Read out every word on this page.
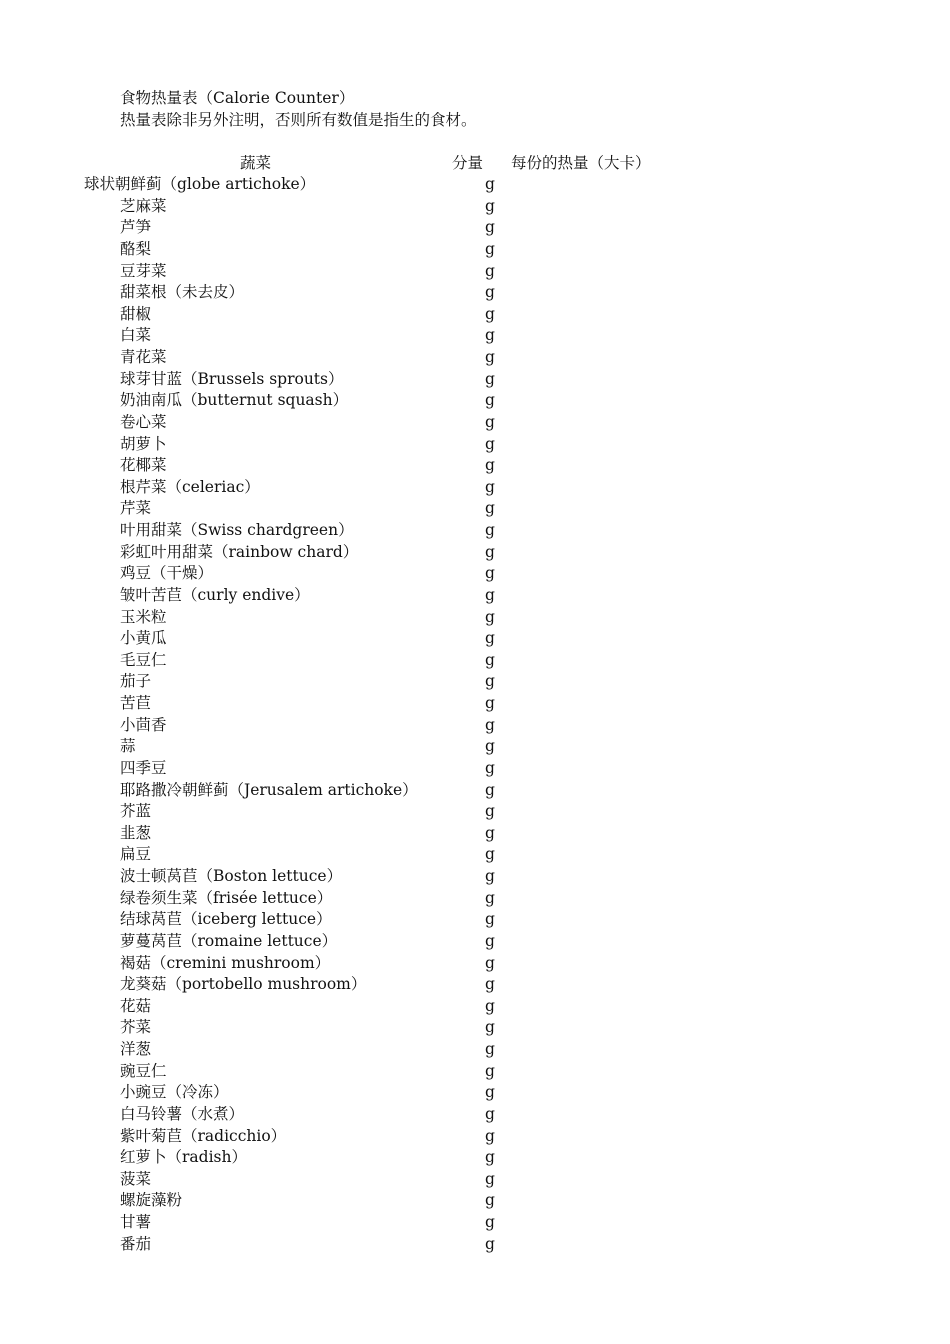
食物热量表（Calorie Counter）
热量表除非另外注明，否则所有数值是指生的食材。
蔬菜	分量 每份的热量（大卡）
球状朝鲜蓟（globe artichoke）	g
芝麻菜	g
芦笋	g
酪梨	g
豆芽菜	g
甜菜根（未去皮）	g
甜椒	g
白菜	g
青花菜	g
球芽甘蓝（Brussels sprouts）	g
奶油南瓜（butternut squash）	g
卷心菜	g
胡萝卜	g
花椰菜	g
根芹菜（celeriac）	g
芹菜	g
叶用甜菜（Swiss chardgreen）	g
彩虹叶用甜菜（rainbow chard）	g
鸡豆（干燥）	g
皱叶苦苣（curly endive）	g
玉米粒	g
小黄瓜	g
毛豆仁	g
茄子	g
苦苣	g
小茴香	g
蒜	g
四季豆	g
耶路撒冷朝鲜蓟（Jerusalem artichoke）	g
芥蓝	g
韭葱	g
扁豆	g
波士顿莴苣（Boston lettuce）	g
绿卷须生菜（frisée lettuce）	g
结球莴苣（iceberg lettuce）	g
萝蔓莴苣（romaine lettuce）	g
褐菇（cremini mushroom）	g
龙葵菇（portobello mushroom）	g
花菇	g
芥菜	g
洋葱	g
豌豆仁	g
小豌豆（冷冻）	g
白马铃薯（水煮）	g
紫叶菊苣（radicchio）	g
红萝卜（radish）	g
菠菜	g
螺旋藻粉	g
甘薯	g
番茄	g
